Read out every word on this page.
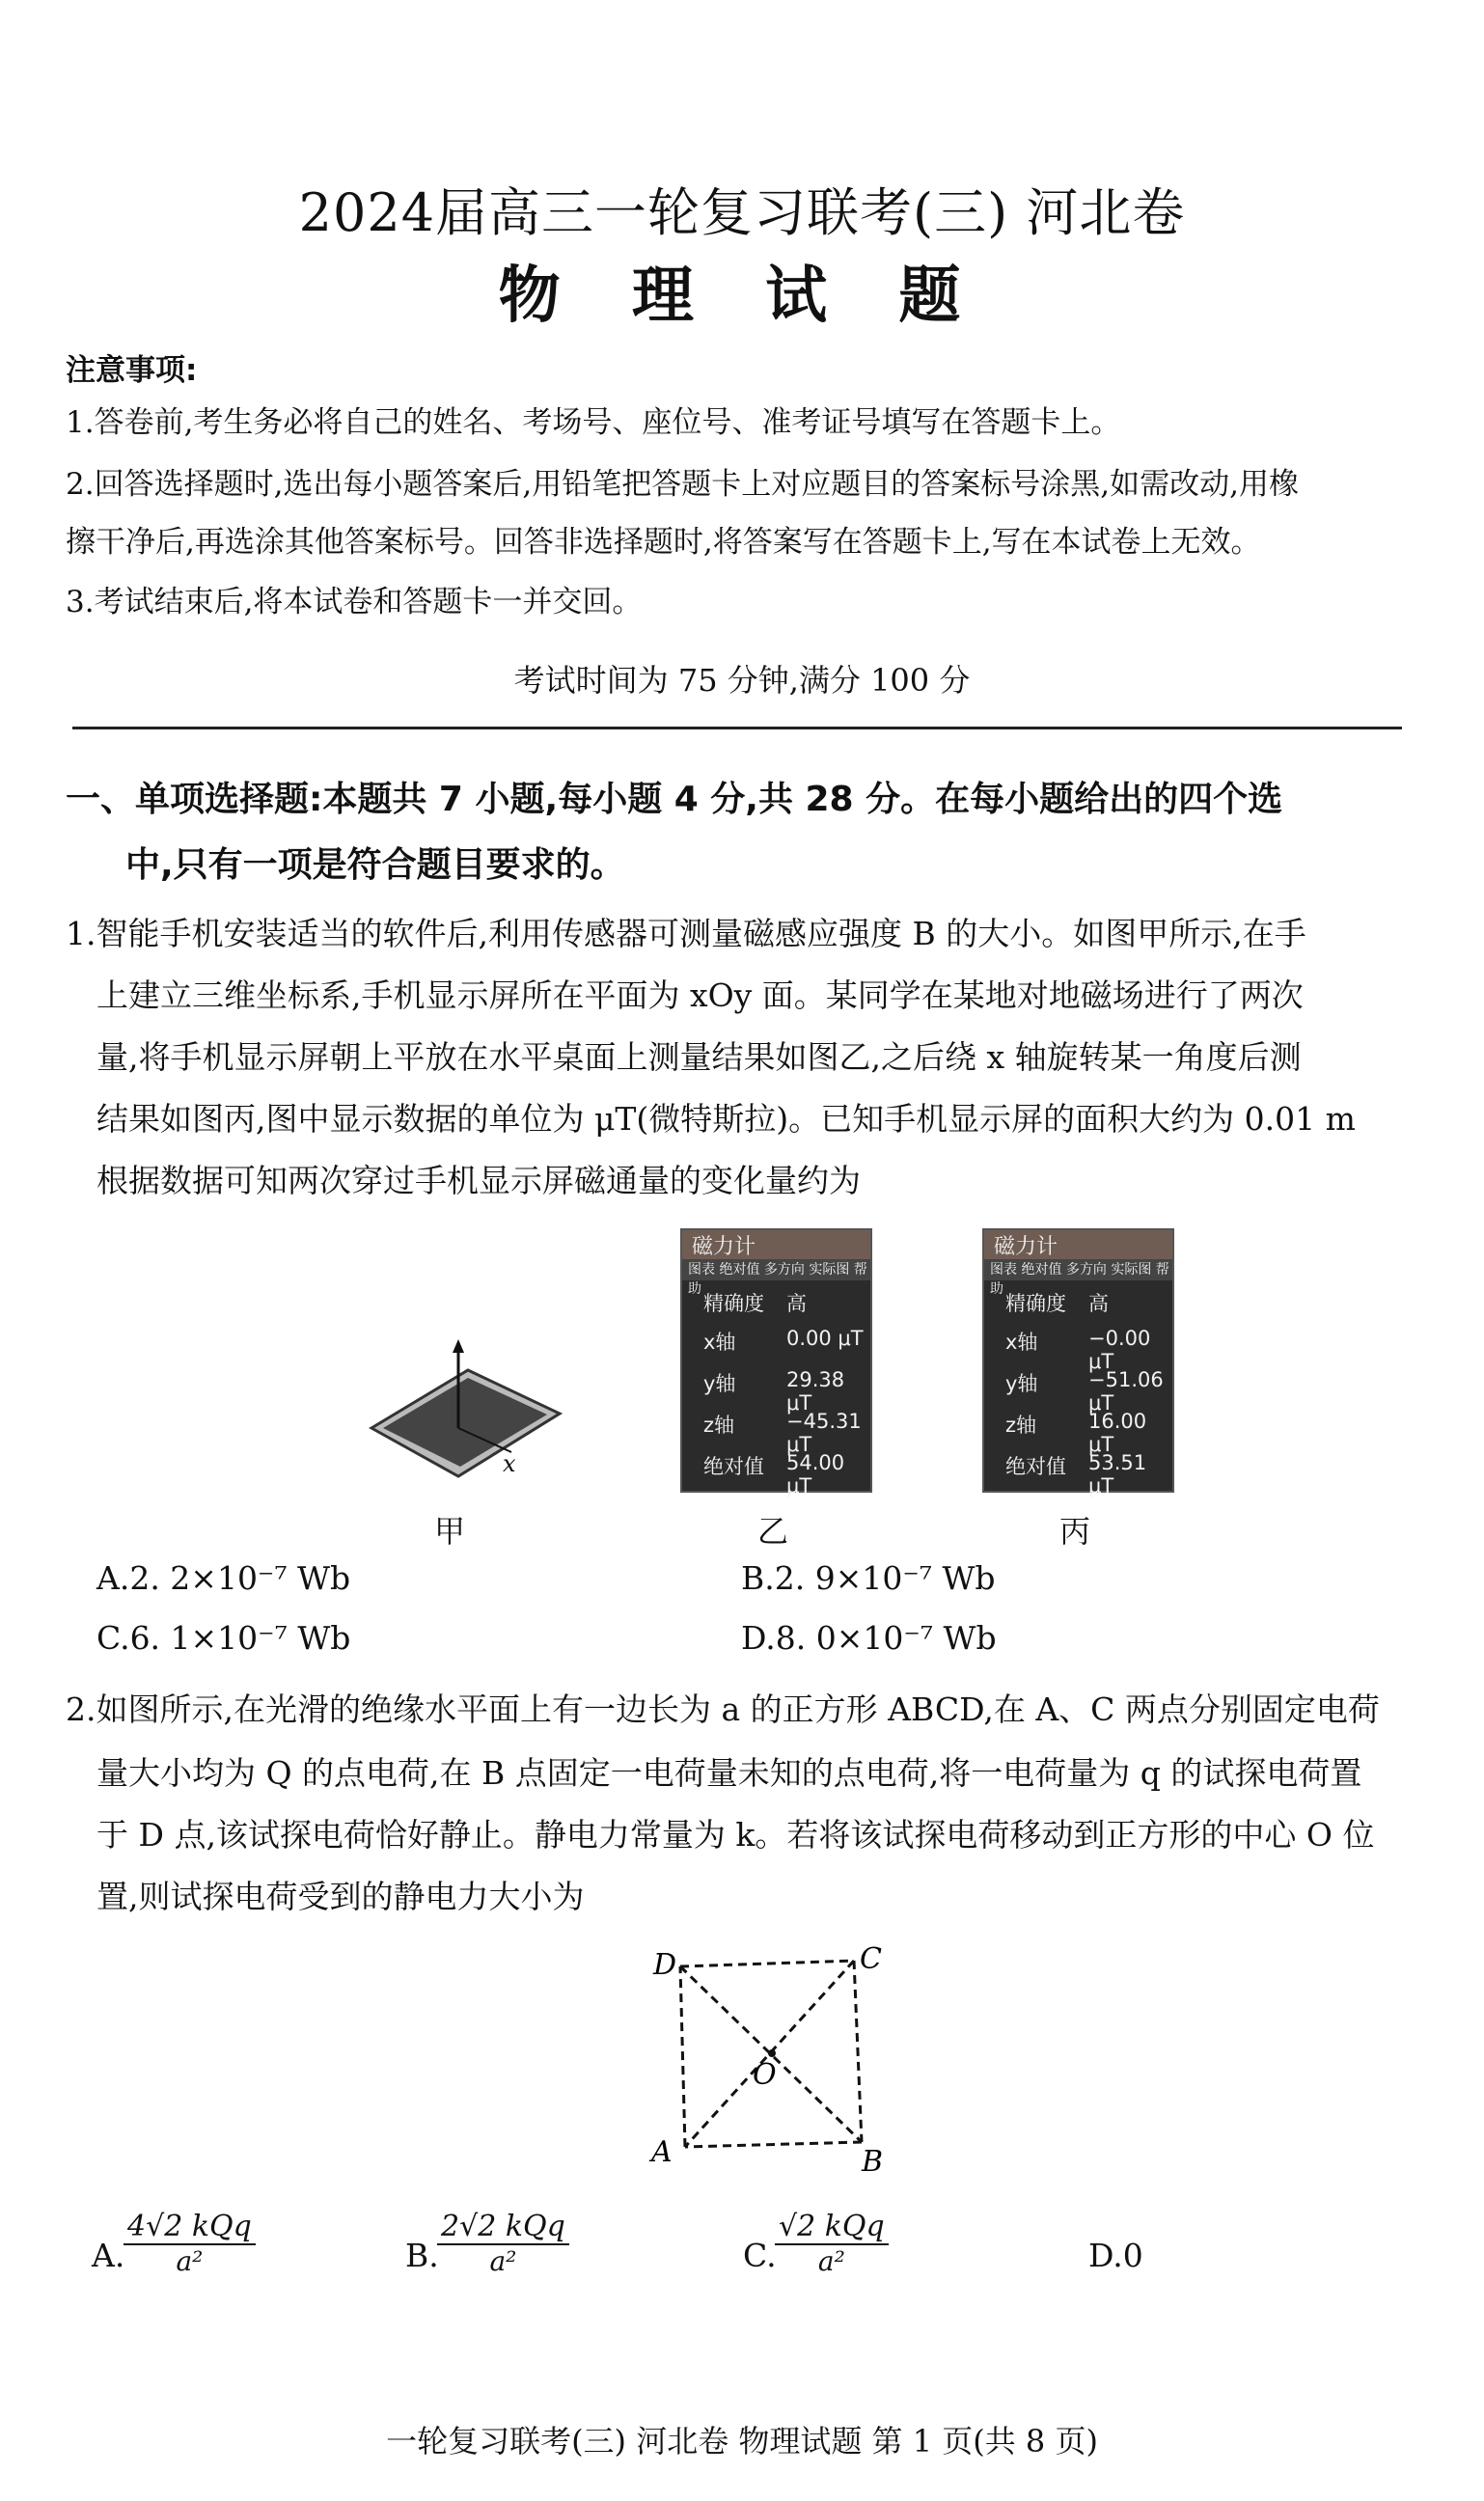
2024届高三一轮复习联考(三) 河北卷
物 理 试 题
注意事项:
1.答卷前,考生务必将自己的姓名、考场号、座位号、准考证号填写在答题卡上。
2.回答选择题时,选出每小题答案后,用铅笔把答题卡上对应题目的答案标号涂黑,如需改动,用橡
擦干净后,再选涂其他答案标号。回答非选择题时,将答案写在答题卡上,写在本试卷上无效。
3.考试结束后,将本试卷和答题卡一并交回。
考试时间为 75 分钟,满分 100 分
一、单项选择题:本题共 7 小题,每小题 4 分,共 28 分。在每小题给出的四个选
中,只有一项是符合题目要求的。
1.智能手机安装适当的软件后,利用传感器可测量磁感应强度 B 的大小。如图甲所示,在手
上建立三维坐标系,手机显示屏所在平面为 xOy 面。某同学在某地对地磁场进行了两次
量,将手机显示屏朝上平放在水平桌面上测量结果如图乙,之后绕 x 轴旋转某一角度后测
结果如图丙,图中显示数据的单位为 μT(微特斯拉)。已知手机显示屏的面积大约为 0.01 m
根据数据可知两次穿过手机显示屏磁通量的变化量约为
z
x
磁力计
图表 绝对值 多方向 实际图 帮助
精确度 高
x轴	0.00 μT
y轴	29.38 μT
z轴	−45.31 μT
绝对值 54.00 μT
磁力计
图表 绝对值 多方向 实际图 帮助
精确度 高
x轴	−0.00 μT
y轴	−51.06 μT
z轴	16.00 μT
绝对值 53.51 μT
甲	乙	丙
A.2. 2×10⁻⁷ Wb	B.2. 9×10⁻⁷ Wb
C.6. 1×10⁻⁷ Wb	D.8. 0×10⁻⁷ Wb
2.如图所示,在光滑的绝缘水平面上有一边长为 a 的正方形 ABCD,在 A、C 两点分别固定电荷
量大小均为 Q 的点电荷,在 B 点固定一电荷量未知的点电荷,将一电荷量为 q 的试探电荷置
于 D 点,该试探电荷恰好静止。静电力常量为 k。若将该试探电荷移动到正方形的中心 O 位
置,则试探电荷受到的静电力大小为
D	C
A	B
O
A.
4√2 kQq
a²	B.
2√2 kQq
a²	C.
√2 kQq
a²	D.0
一轮复习联考(三) 河北卷 物理试题 第 1 页(共 8 页)
